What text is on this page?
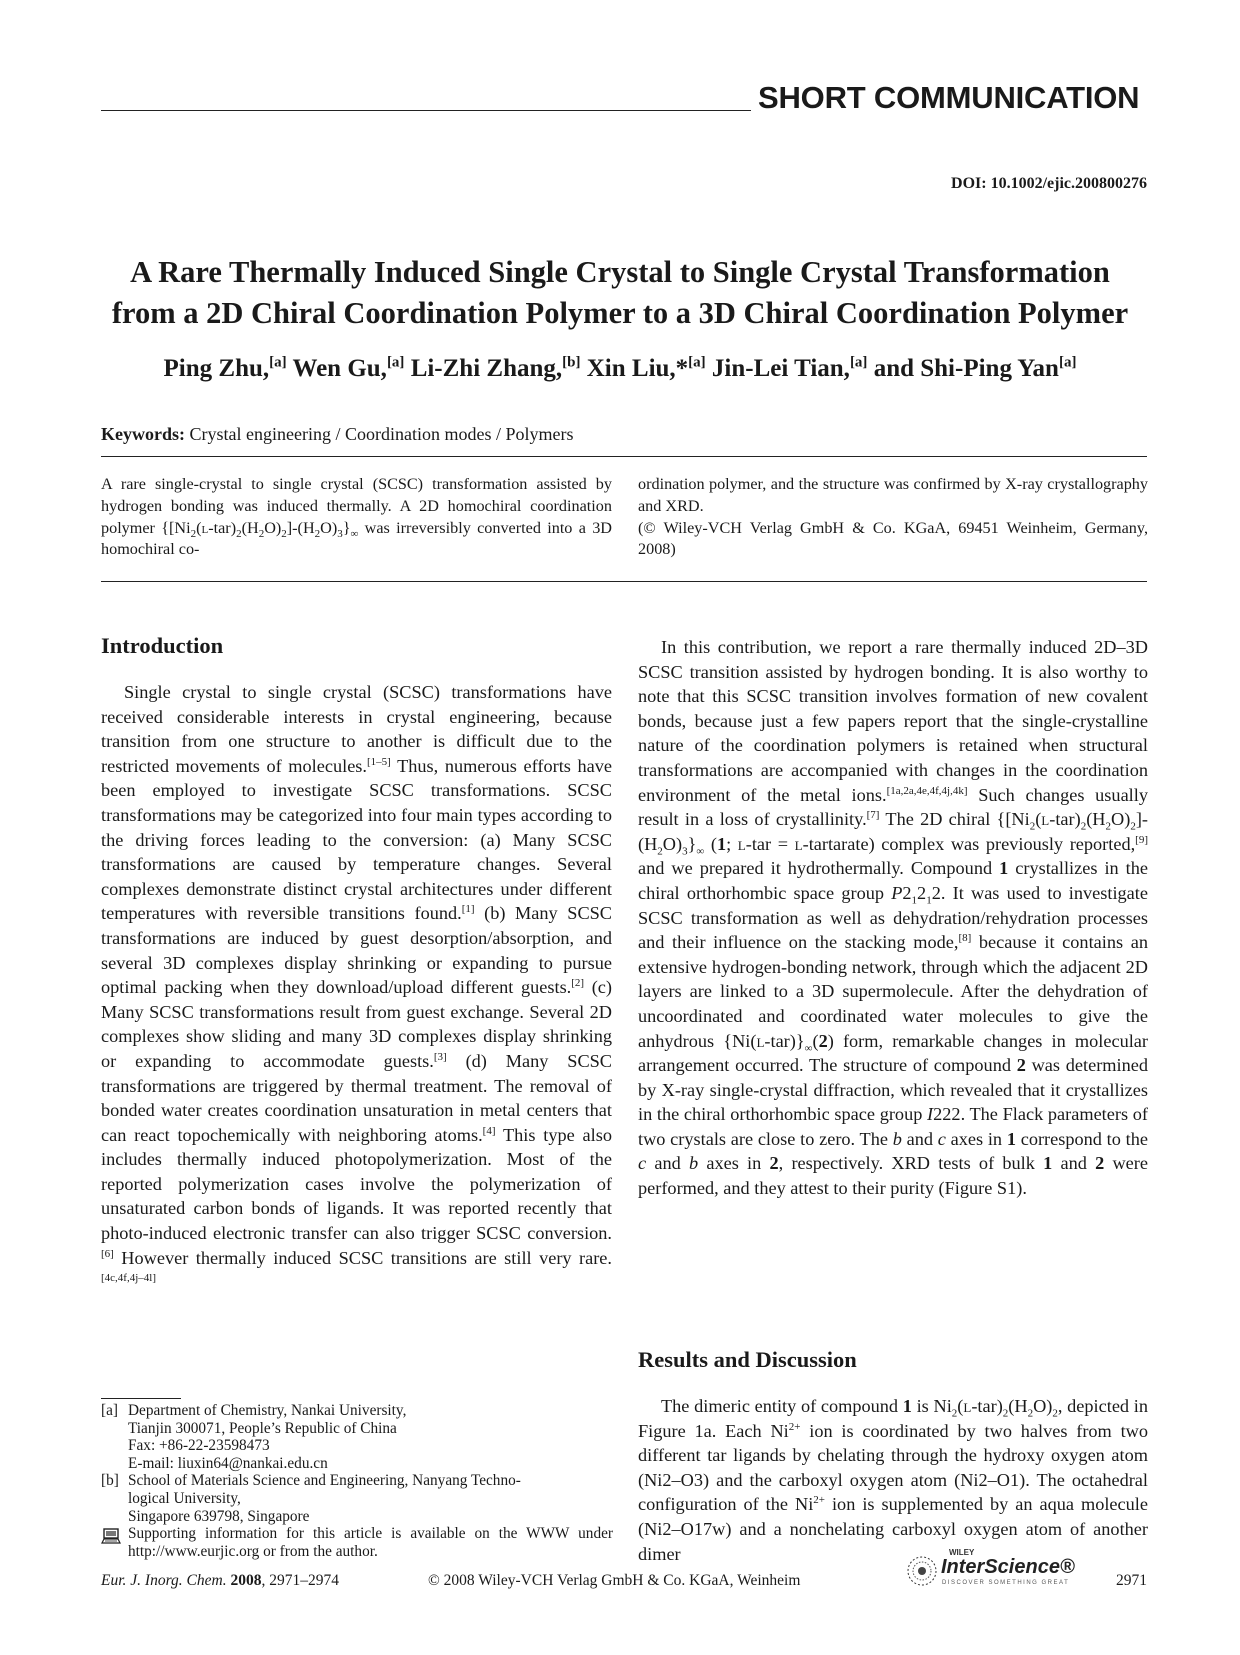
SHORT COMMUNICATION
DOI: 10.1002/ejic.200800276
A Rare Thermally Induced Single Crystal to Single Crystal Transformation
from a 2D Chiral Coordination Polymer to a 3D Chiral Coordination Polymer
Ping Zhu,[a] Wen Gu,[a] Li-Zhi Zhang,[b] Xin Liu,*[a] Jin-Lei Tian,[a] and Shi-Ping Yan[a]
Keywords: Crystal engineering / Coordination modes / Polymers
A rare single-crystal to single crystal (SCSC) transformation assisted by hydrogen bonding was induced thermally. A 2D homochiral coordination polymer $\{[Ni_2(l-tar)_2(H_2O)_2]-(H_2O)_3\}_\infty$ was irreversibly converted into a 3D homochiral co-
ordination polymer, and the structure was confirmed by X-ray crystallography and XRD.
(© Wiley-VCH Verlag GmbH & Co. KGaA, 69451 Weinheim, Germany, 2008)
Introduction

Single crystal to single crystal (SCSC) transformations have received considerable interests in crystal engineering, because transition from one structure to another is difficult due to the restricted movements of molecules.[1–5] Thus, numerous efforts have been employed to investigate SCSC transformations. SCSC transformations may be categorized into four main types according to the driving forces leading to the conversion: (a) Many SCSC transformations are caused by temperature changes. Several complexes demonstrate distinct crystal architectures under different temperatures with reversible transitions found.[1] (b) Many SCSC transformations are induced by guest desorption/absorption, and several 3D complexes display shrinking or expanding to pursue optimal packing when they download/upload different guests.[2] (c) Many SCSC transformations result from guest exchange. Several 2D complexes show sliding and many 3D complexes display shrinking or expanding to accommodate guests.[3] (d) Many SCSC transformations are triggered by thermal treatment. The removal of bonded water creates coordination unsaturation in metal centers that can react topochemically with neighboring atoms.[4] This type also includes thermally induced photopolymerization. Most of the reported polymerization cases involve the polymerization of unsaturated carbon bonds of ligands. It was reported recently that photo-induced electronic transfer can also trigger SCSC conversion.[6] However thermally induced SCSC transitions are still very rare.[4c,4f,4j–4l]

In this contribution, we report a rare thermally induced 2D–3D SCSC transition assisted by hydrogen bonding. It is also worthy to note that this SCSC transition involves formation of new covalent bonds, because just a few papers report that the single-crystalline nature of the coordination polymers is retained when structural transformations are accompanied with changes in the coordination environment of the metal ions.[1a,2a,4e,4f,4j,4k] Such changes usually result in a loss of crystallinity.[7] The 2D chiral $\{[Ni_2(l-tar)_2(H_2O)_2]-(H_2O)_3\}_\infty$ (1; l-tar = l-tartarate) complex was previously reported,[9] and we prepared it hydrothermally. Compound 1 crystallizes in the chiral orthorhombic space group $P2_12_12$. It was used to investigate SCSC transformation as well as dehydration/rehydration processes and their influence on the stacking mode,[8] because it contains an extensive hydrogen-bonding network, through which the adjacent 2D layers are linked to a 3D supermolecule. After the dehydration of uncoordinated and coordinated water molecules to give the anhydrous $\{Ni(l-tar)\}_\infty(2)$ form, remarkable changes in molecular arrangement occurred. The structure of compound 2 was determined by X-ray single-crystal diffraction, which revealed that it crystallizes in the chiral orthorhombic space group I222. The Flack parameters of two crystals are close to zero. The b and c axes in 1 correspond to the c and b axes in 2, respectively. XRD tests of bulk 1 and 2 were performed, and they attest to their purity (Figure S1).

Results and Discussion

The dimeric entity of compound 1 is $Ni_2(l-tar)_2(H_2O)_2$, depicted in Figure 1a. Each $Ni^{2+}$ ion is coordinated by two halves from two different tar ligands by chelating through the hydroxy oxygen atom (Ni2–O3) and the carboxyl oxygen atom (Ni2–O1). The octahedral configuration of the $Ni^{2+}$ ion is supplemented by an aqua molecule (Ni2–O17w) and a nonchelating carboxyl oxygen atom of another dimer

[a] Department of Chemistry, Nankai University,
Tianjin 300071, People’s Republic of China
Fax: +86-22-23598473
E-mail: liuxin64@nankai.edu.cn
[b] School of Materials Science and Engineering, Nanyang Techno-
logical University,
Singapore 639798, Singapore
Supporting information for this article is available on the WWW under http://www.eurjic.org or from the author.
Eur. J. Inorg. Chem. 2008, 2971–2974	© 2008 Wiley-VCH Verlag GmbH & Co. KGaA, Weinheim
WILEY
InterScience®
DISCOVER SOMETHING GREAT	2971
